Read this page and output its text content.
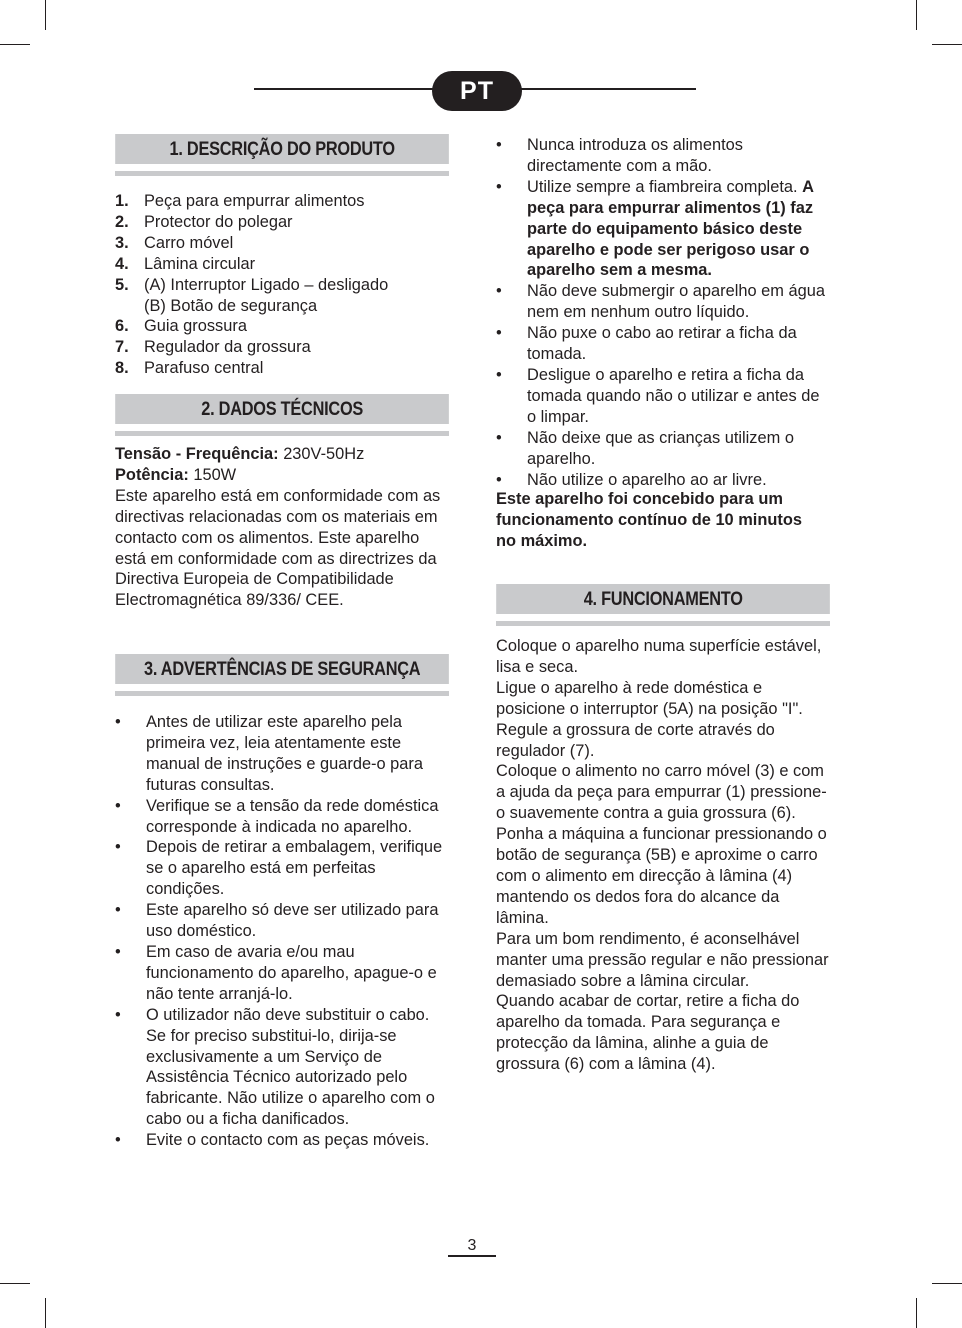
PT
1. DESCRIÇÃO DO PRODUTO
1. Peça para empurrar alimentos
2. Protector do polegar
3. Carro móvel
4. Lâmina circular
5. (A) Interruptor Ligado – desligado
(B) Botão de segurança
6. Guia grossura
7. Regulador da grossura
8. Parafuso central
2. DADOS TÉCNICOS

Tensão - Frequência: 230V-50Hz

Potência: 150W

Este aparelho está em conformidade com as directivas relacionadas com os materiais em contacto com os alimentos. Este aparelho está em conformidade com as directrizes da Directiva Europeia de Compatibilidade Electromagnética 89/336/ CEE.

3. ADVERTÊNCIAS DE SEGURANÇA
• Antes de utilizar este aparelho pela primeira vez, leia atentamente este manual de instruções e guarde-o para futuras consultas.
• Verifique se a tensão da rede doméstica corresponde à indicada no aparelho.
• Depois de retirar a embalagem, verifique se o aparelho está em perfeitas condições.
• Este aparelho só deve ser utilizado para uso doméstico.
• Em caso de avaria e/ou mau funcionamento do aparelho, apague-o e não tente arranjá-lo.
• O utilizador não deve substituir o cabo. Se for preciso substitui-lo, dirija-se exclusivamente a um Serviço de Assistência Técnico autorizado pelo fabricante. Não utilize o aparelho com o cabo ou a ficha danificados.
• Evite o contacto com as peças móveis.
• Nunca introduza os alimentos directamente com a mão.
• Utilize sempre a fiambreira completa. A peça para empurrar alimentos (1) faz parte do equipamento básico deste aparelho e pode ser perigoso usar o aparelho sem a mesma.
• Não deve submergir o aparelho em água nem em nenhum outro líquido.
• Não puxe o cabo ao retirar a ficha da tomada.
• Desligue o aparelho e retira a ficha da tomada quando não o utilizar e antes de o limpar.
• Não deixe que as crianças utilizem o aparelho.
• Não utilize o aparelho ao ar livre.

Este aparelho foi concebido para um funcionamento contínuo de 10 minutos no máximo.

4. FUNCIONAMENTO

Coloque o aparelho numa superfície estável, lisa e seca.

Ligue o aparelho à rede doméstica e posicione o interruptor (5A) na posição "I".

Regule a grossura de corte através do regulador (7).

Coloque o alimento no carro móvel (3) e com a ajuda da peça para empurrar (1) pressione-o suavemente contra a guia grossura (6). Ponha a máquina a funcionar pressionando o botão de segurança (5B) e aproxime o carro com o alimento em direcção à lâmina (4) mantendo os dedos fora do alcance da lâmina.

Para um bom rendimento, é aconselhável manter uma pressão regular e não pressionar demasiado sobre a lâmina circular.

Quando acabar de cortar, retire a ficha do aparelho da tomada. Para segurança e protecção da lâmina, alinhe a guia de grossura (6) com a lâmina (4).

3
